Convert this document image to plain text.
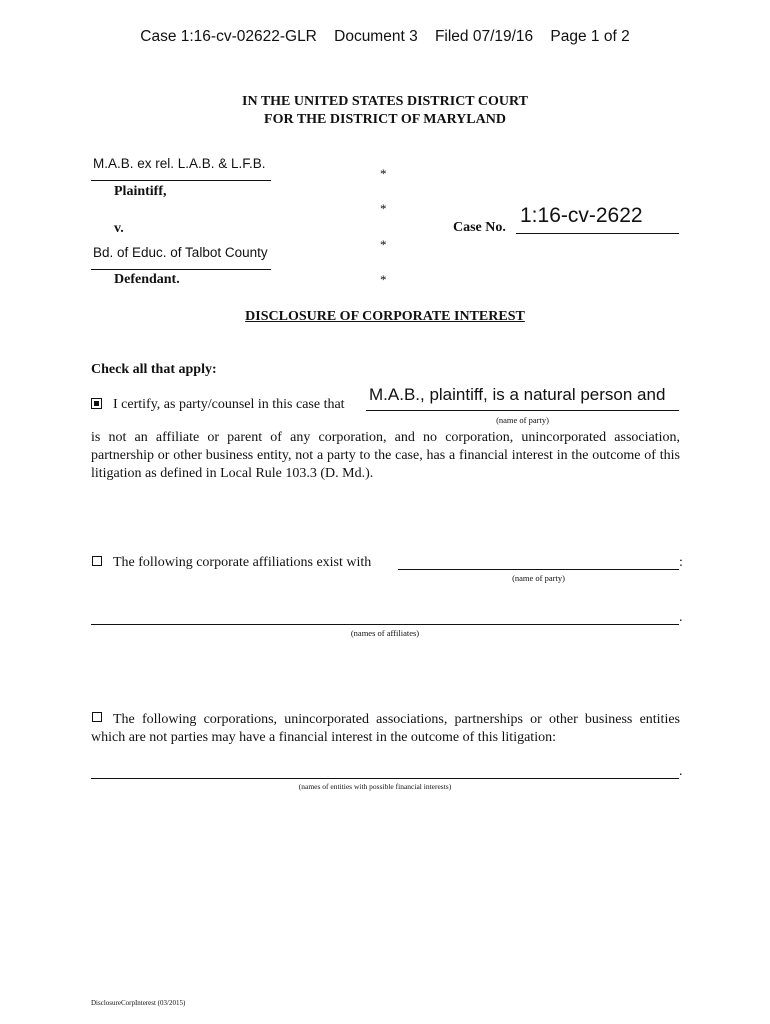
Case 1:16-cv-02622-GLR Document 3 Filed 07/19/16 Page 1 of 2
IN THE UNITED STATES DISTRICT COURT
FOR THE DISTRICT OF MARYLAND
M.A.B. ex rel. L.A.B. & L.F.B.
Plaintiff,
v.
Bd. of Educ. of Talbot County
Defendant.
*
*
*
*
Case No.
1:16-cv-2622
DISCLOSURE OF CORPORATE INTEREST
Check all that apply:
I certify, as party/counsel in this case that
M.A.B., plaintiff, is a natural person and
(name of party)
is not an affiliate or parent of any corporation, and no corporation, unincorporated association, partnership or other business entity, not a party to the case, has a financial interest in the outcome of this litigation as defined in Local Rule 103.3 (D. Md.).
The following corporate affiliations exist with	:
(name of party)
.
(names of affiliates)
The following corporations, unincorporated associations, partnerships or other business entities which are not parties may have a financial interest in the outcome of this litigation:
.
(names of entities with possible financial interests)
DisclosureCorpInterest (03/2015)
